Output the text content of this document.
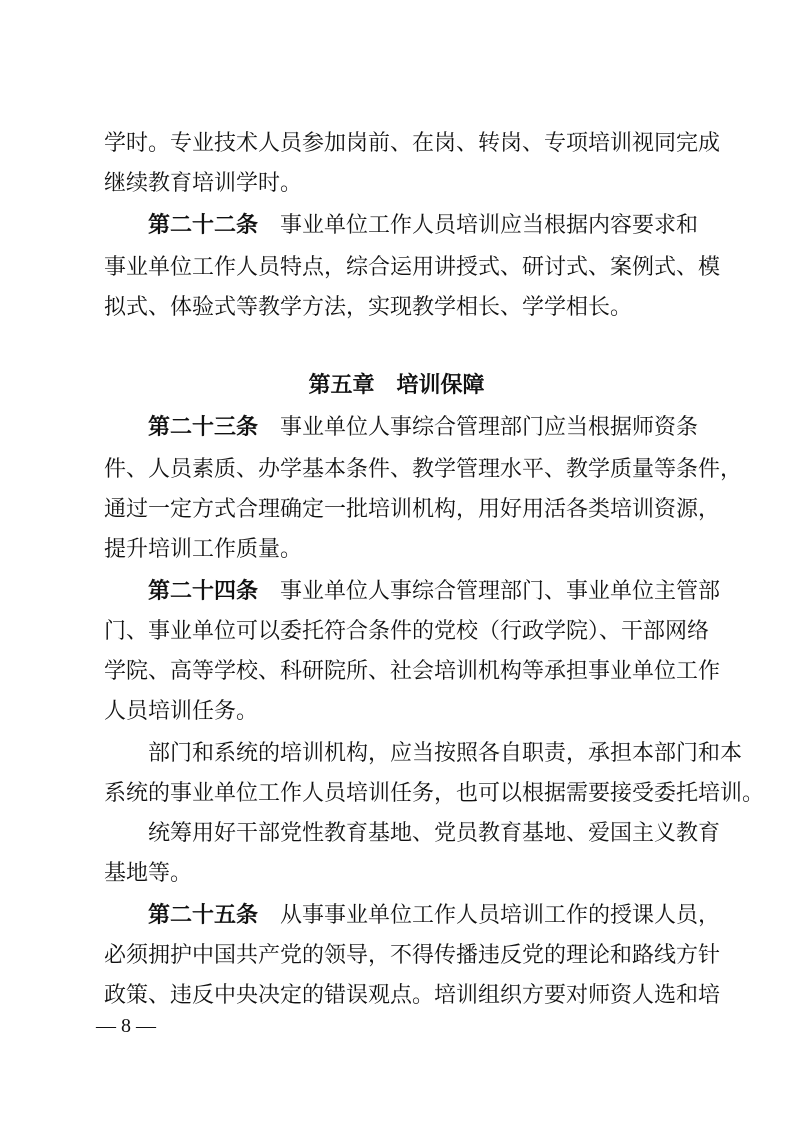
学时。专业技术人员参加岗前、在岗、转岗、专项培训视同完成
继续教育培训学时。
第二十二条　 事业单位工作人员培训应当根据内容要求和
事业单位工作人员特点，综合运用讲授式、研讨式、案例式、模
拟式、体验式等教学方法，实现教学相长、学学相长。
第五章　培训保障
第二十三条　 事业单位人事综合管理部门应当根据师资条
件、人员素质、办学基本条件、教学管理水平、教学质量等条件，
通过一定方式合理确定一批培训机构，用好用活各类培训资源，
提升培训工作质量。
第二十四条　 事业单位人事综合管理部门、事业单位主管部
门、事业单位可以委托符合条件的党校（行政学院）、干部网络
学院、高等学校、科研院所、社会培训机构等承担事业单位工作
人员培训任务。
部门和系统的培训机构，应当按照各自职责，承担本部门和本
系统的事业单位工作人员培训任务，也可以根据需要接受委托培训。
统筹用好干部党性教育基地、党员教育基地、爱国主义教育
基地等。
第二十五条　 从事事业单位工作人员培训工作的授课人员，
必须拥护中国共产党的领导，不得传播违反党的理论和路线方针
政策、违反中央决定的错误观点。培训组织方要对师资人选和培
— 8 —
